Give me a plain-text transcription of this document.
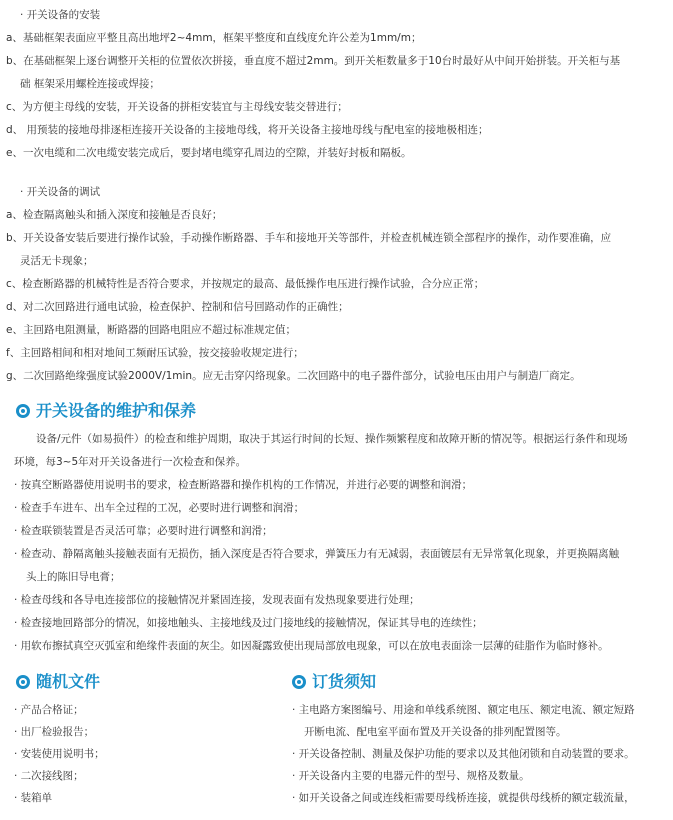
· 开关设备的安装
a、基础框架表面应平整且高出地坪2~4mm，框架平整度和直线度允许公差为1mm/m；
b、在基础框架上逐台调整开关柜的位置依次拼接，垂直度不超过2mm。到开关柜数量多于10台时最好从中间开始拼装。开关柜与基
础 框架采用螺栓连接或焊接；
c、为方便主母线的安装，开关设备的拼柜安装宜与主母线安装交替进行；
d、 用预装的接地母排逐柜连接开关设备的主接地母线，将开关设备主接地母线与配电室的接地极相连；
e、一次电缆和二次电缆安装完成后，要封堵电缆穿孔周边的空隙，并装好封板和隔板。
· 开关设备的调试
a、检查隔离触头和插入深度和接触是否良好；
b、开关设备安装后要进行操作试验，手动操作断路器、手车和接地开关等部件，并检查机械连锁全部程序的操作，动作要准确，应
灵活无卡现象；
c、检查断路器的机械特性是否符合要求，并按规定的最高、最低操作电压进行操作试验，合分应正常；
d、对二次回路进行通电试验，检查保护、控制和信号回路动作的正确性；
e、主回路电阻测量，断路器的回路电阻应不超过标准规定值；
f、主回路相间和相对地间工频耐压试验，按交接验收规定进行；
g、二次回路绝缘强度试验2000V/1min。应无击穿闪络现象。二次回路中的电子器件部分，试验电压由用户与制造厂商定。
开关设备的维护和保养
设备/元件（如易损件）的检查和维护周期，取决于其运行时间的长短、操作频繁程度和故障开断的情况等。根据运行条件和现场
环境，每3~5年对开关设备进行一次检查和保养。
· 按真空断路器使用说明书的要求，检查断路器和操作机构的工作情况，并进行必要的调整和润滑；
· 检查手车进车、出车全过程的工况，必要时进行调整和润滑；
· 检查联锁装置是否灵活可靠；必要时进行调整和润滑；
· 检查动、静隔离触头接触表面有无损伤，插入深度是否符合要求，弹簧压力有无减弱，表面镀层有无异常氧化现象，并更换隔离触
头上的陈旧导电膏；
· 检查母线和各导电连接部位的接触情况并紧固连接，发现表面有发热现象要进行处理；
· 检查接地回路部分的情况，如接地触头、主接地线及过门接地线的接触情况，保证其导电的连续性；
· 用软布擦拭真空灭弧室和绝缘件表面的灰尘。如因凝露致使出现局部放电现象，可以在放电表面涂一层薄的硅脂作为临时修补。
随机文件
· 产品合格证；
· 出厂检验报告；
· 安装使用说明书；
· 二次接线图；
· 装箱单
订货须知
· 主电路方案图编号、用途和单线系统图、额定电压、额定电流、额定短路
开断电流、配电室平面布置及开关设备的排列配置图等。
· 开关设备控制、测量及保护功能的要求以及其他闭锁和自动装置的要求。
· 开关设备内主要的电器元件的型号、规格及数量。
· 如开关设备之间或连线柜需要母线桥连接，就提供母线桥的额定载流量，
